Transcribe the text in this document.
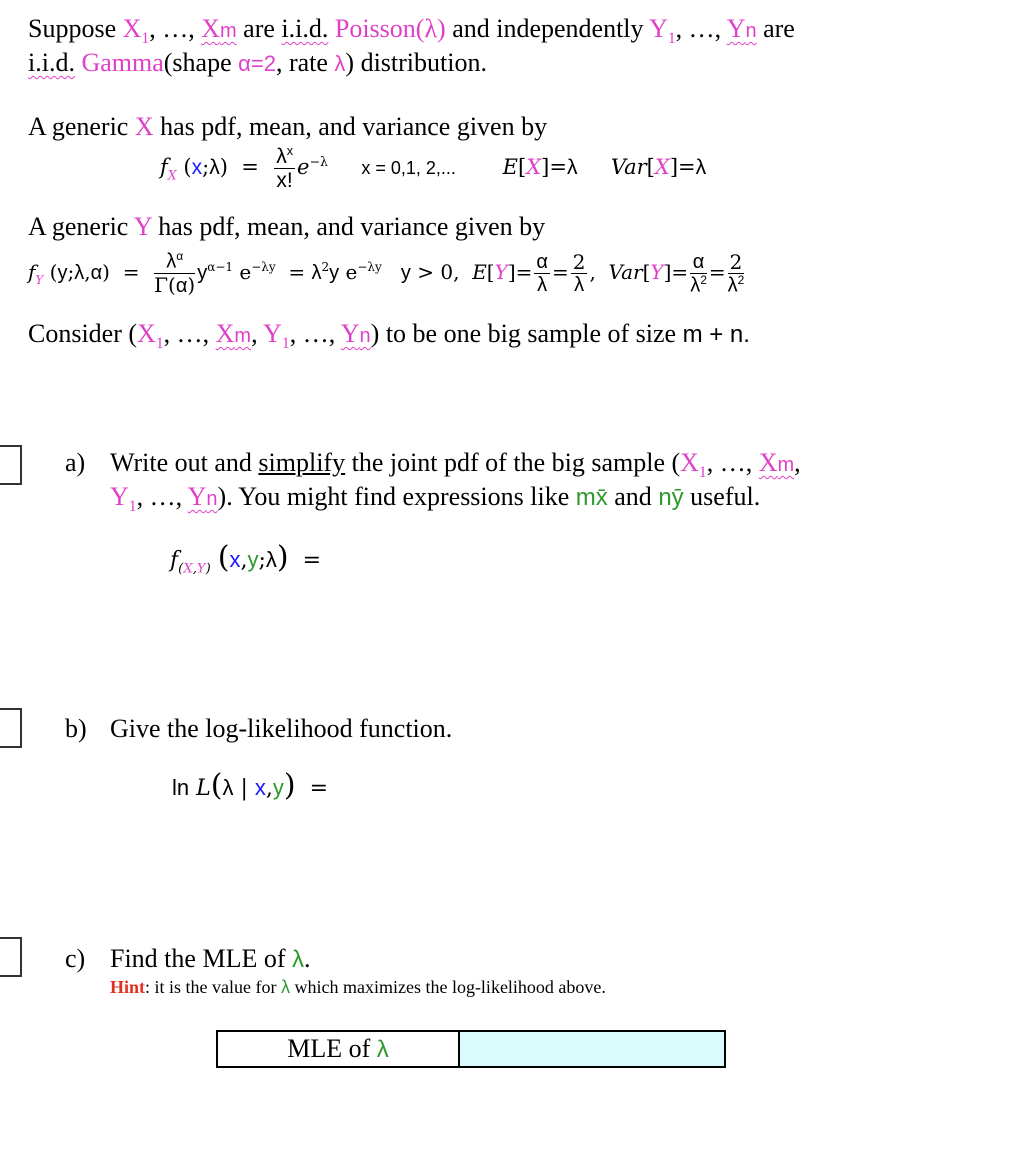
Suppose $X_1$, …, Xm are i.i.d. Poisson(λ) and independently $Y_1$, …, Yn are
i.i.d. Gamma(shape α=2, rate λ) distribution.
A generic X has pdf, mean, and variance given by
$f_X$ (x;λ)  = $\frac{\lambda^x}{x!} e^{-\lambda}$ x = 0,1, 2,... E[X]=λ Var[X]=λ
A generic Y has pdf, mean, and variance given by
$f_Y$ (y;λ,α)  = $\frac{\lambda^\alpha}{\Gamma(\alpha)} y^{\alpha-1}$ $e^{-\lambda y} = \lambda^2y$ $e^{-\lambda y}$ y > 0,  $E[Y]= \frac{\alpha}{\lambda} = \frac{2}{\lambda}$ ,  $Var[Y]= \frac{\alpha}{\lambda^2} = \frac{2}{\lambda^2}$
Consider ($X_1$, …, Xm, $Y_1$, …, Yn) to be one big sample of size m + n.
a) Write out and simplify the joint pdf of the big sample ($X_1$, …, Xm,
$Y_1$, …, Yn). You might find expressions like mx̄ and nȳ useful.
$f_{(X,Y)}$ (x,y;λ)  =
b) Give the log-likelihood function.
ln L(λ | x,y)  =
c) Find the MLE of λ.
Hint: it is the value for λ which maximizes the log-likelihood above.
MLE of λ	
